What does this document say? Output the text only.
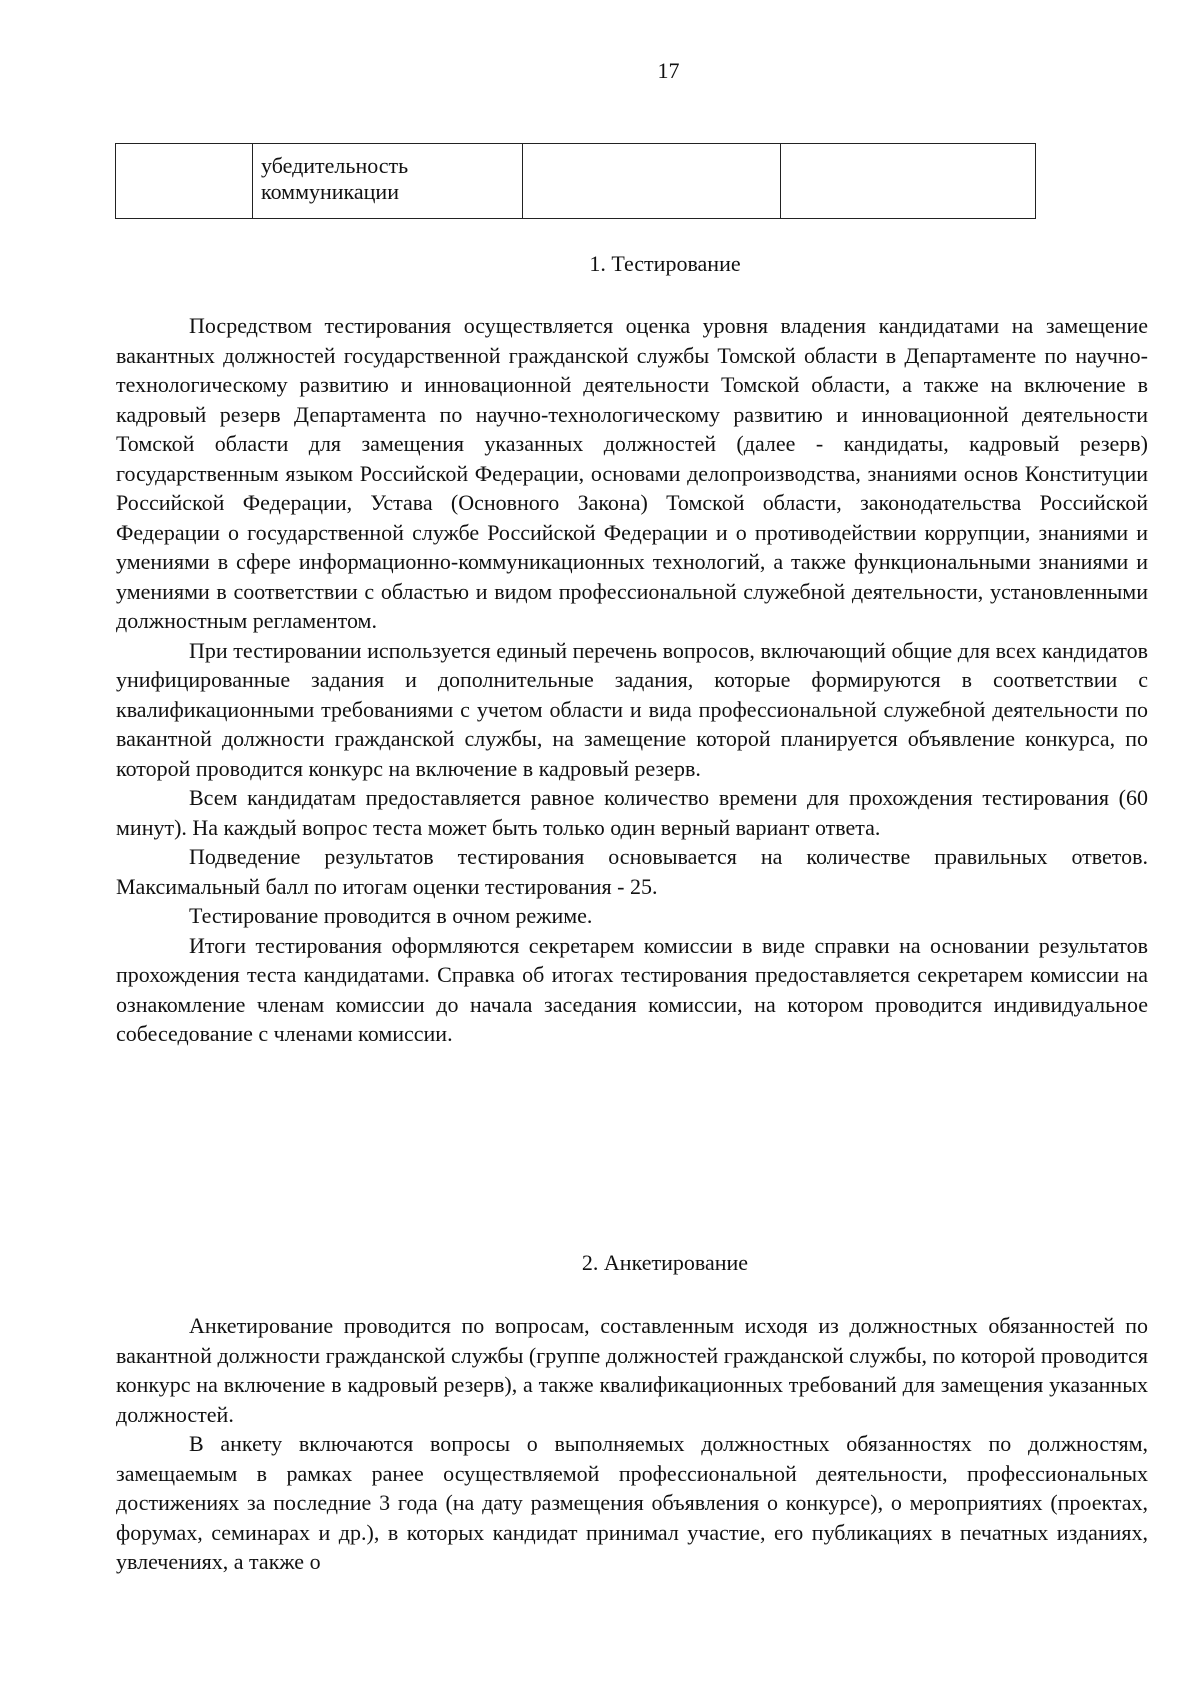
17

убедительность
коммуникации

1. Тестирование

Посредством тестирования осуществляется оценка уровня владения кандидатами на замещение вакантных должностей государственной гражданской службы Томской области в Департаменте по научно-технологическому развитию и инновационной деятельности Томской области, а также на включение в кадровый резерв Департамента по научно-технологическому развитию и инновационной деятельности Томской области для замещения указанных должностей (далее - кандидаты, кадровый резерв) государственным языком Российской Федерации, основами делопроизводства, знаниями основ Конституции Российской Федерации, Устава (Основного Закона) Томской области, законодательства Российской Федерации о государственной службе Российской Федерации и о противодействии коррупции, знаниями и умениями в сфере информационно-коммуникационных технологий, а также функциональными знаниями и умениями в соответствии с областью и видом профессиональной служебной деятельности, установленными должностным регламентом.

При тестировании используется единый перечень вопросов, включающий общие для всех кандидатов унифицированные задания и дополнительные задания, которые формируются в соответствии с квалификационными требованиями с учетом области и вида профессиональной служебной деятельности по вакантной должности гражданской службы, на замещение которой планируется объявление конкурса, по которой проводится конкурс на включение в кадровый резерв.

Всем кандидатам предоставляется равное количество времени для прохождения тестирования (60 минут). На каждый вопрос теста может быть только один верный вариант ответа.

Подведение результатов тестирования основывается на количестве правильных ответов. Максимальный балл по итогам оценки тестирования - 25.

Тестирование проводится в очном режиме.

Итоги тестирования оформляются секретарем комиссии в виде справки на основании результатов прохождения теста кандидатами. Справка об итогах тестирования предоставляется секретарем комиссии на ознакомление членам комиссии до начала заседания комиссии, на котором проводится индивидуальное собеседование с членами комиссии.

2. Анкетирование

Анкетирование проводится по вопросам, составленным исходя из должностных обязанностей по вакантной должности гражданской службы (группе должностей гражданской службы, по которой проводится конкурс на включение в кадровый резерв), а также квалификационных требований для замещения указанных должностей.

В анкету включаются вопросы о выполняемых должностных обязанностях по должностям, замещаемым в рамках ранее осуществляемой профессиональной деятельности, профессиональных достижениях за последние 3 года (на дату размещения объявления о конкурсе), о мероприятиях (проектах, форумах, семинарах и др.), в которых кандидат принимал участие, его публикациях в печатных изданиях, увлечениях, а также о
